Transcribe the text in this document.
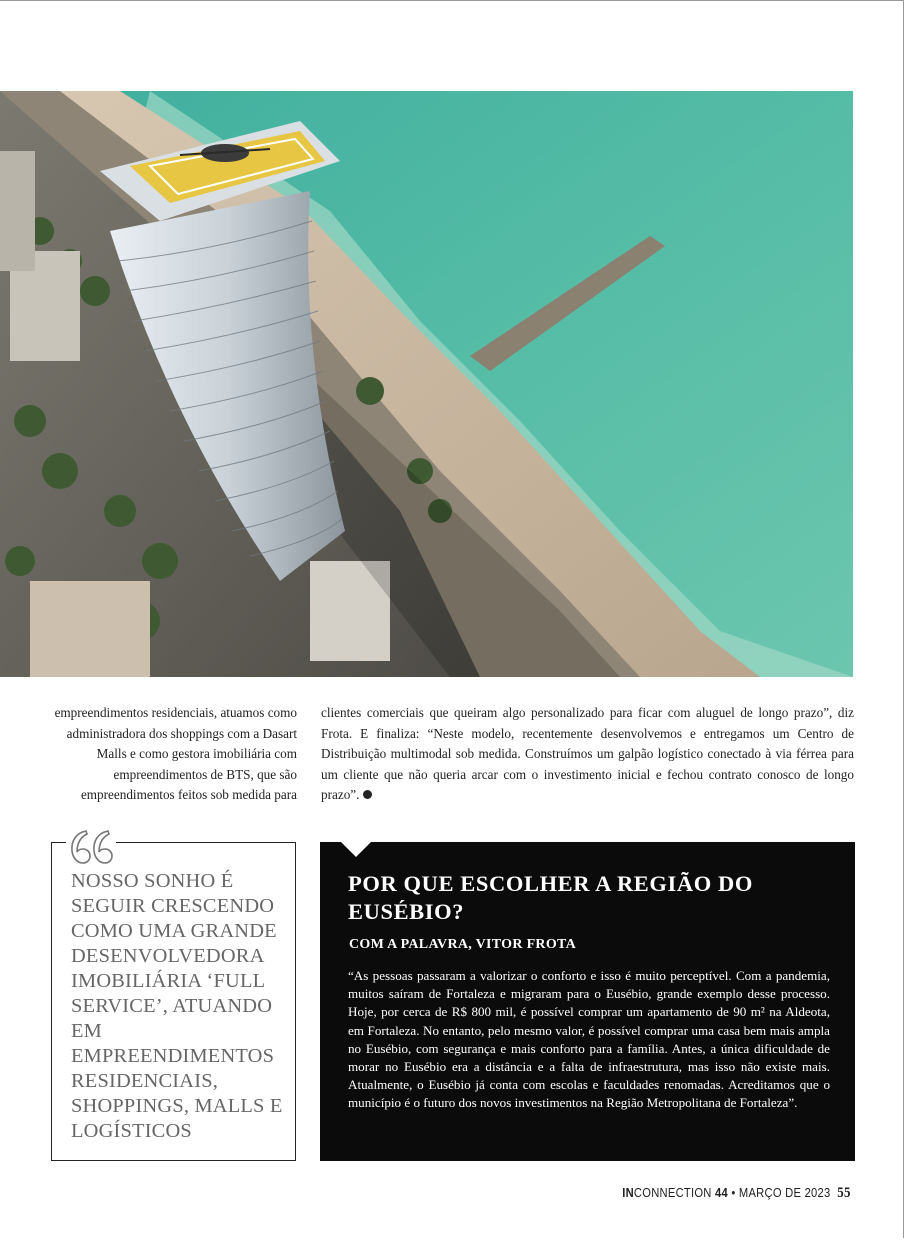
empreendimentos residenciais, atuamos como administradora dos shoppings com a Dasart Malls e como gestora imobiliária com empreendimentos de BTS, que são empreendimentos feitos sob medida para
clientes comerciais que queiram algo personalizado para ficar com aluguel de longo prazo”, diz Frota. E finaliza: “Neste modelo, recentemente desenvolvemos e entregamos um Centro de Distribuição multimodal sob medida. Construímos um galpão logístico conectado à via férrea para um cliente que não queria arcar com o investimento inicial e fechou contrato conosco de longo prazo”.

NOSSO SONHO É SEGUIR CRESCENDO COMO UMA GRANDE DESENVOLVEDORA IMOBILIÁRIA ‘FULL SERVICE’, ATUANDO EM EMPREENDIMENTOS RESIDENCIAIS, SHOPPINGS, MALLS E LOGÍSTICOS

POR QUE ESCOLHER A REGIÃO DO EUSÉBIO?
COM A PALAVRA, VITOR FROTA

“As pessoas passaram a valorizar o conforto e isso é muito perceptível. Com a pandemia, muitos saíram de Fortaleza e migraram para o Eusébio, grande exemplo desse processo. Hoje, por cerca de R$ 800 mil, é possível comprar um apartamento de 90 m² na Aldeota, em Fortaleza. No entanto, pelo mesmo valor, é possível comprar uma casa bem mais ampla no Eusébio, com segurança e mais conforto para a família. Antes, a única dificuldade de morar no Eusébio era a distância e a falta de infraestrutura, mas isso não existe mais. Atualmente, o Eusébio já conta com escolas e faculdades renomadas. Acreditamos que o município é o futuro dos novos investimentos na Região Metropolitana de Fortaleza”.

INCONNECTION 44 • MARÇO DE 2023 55
